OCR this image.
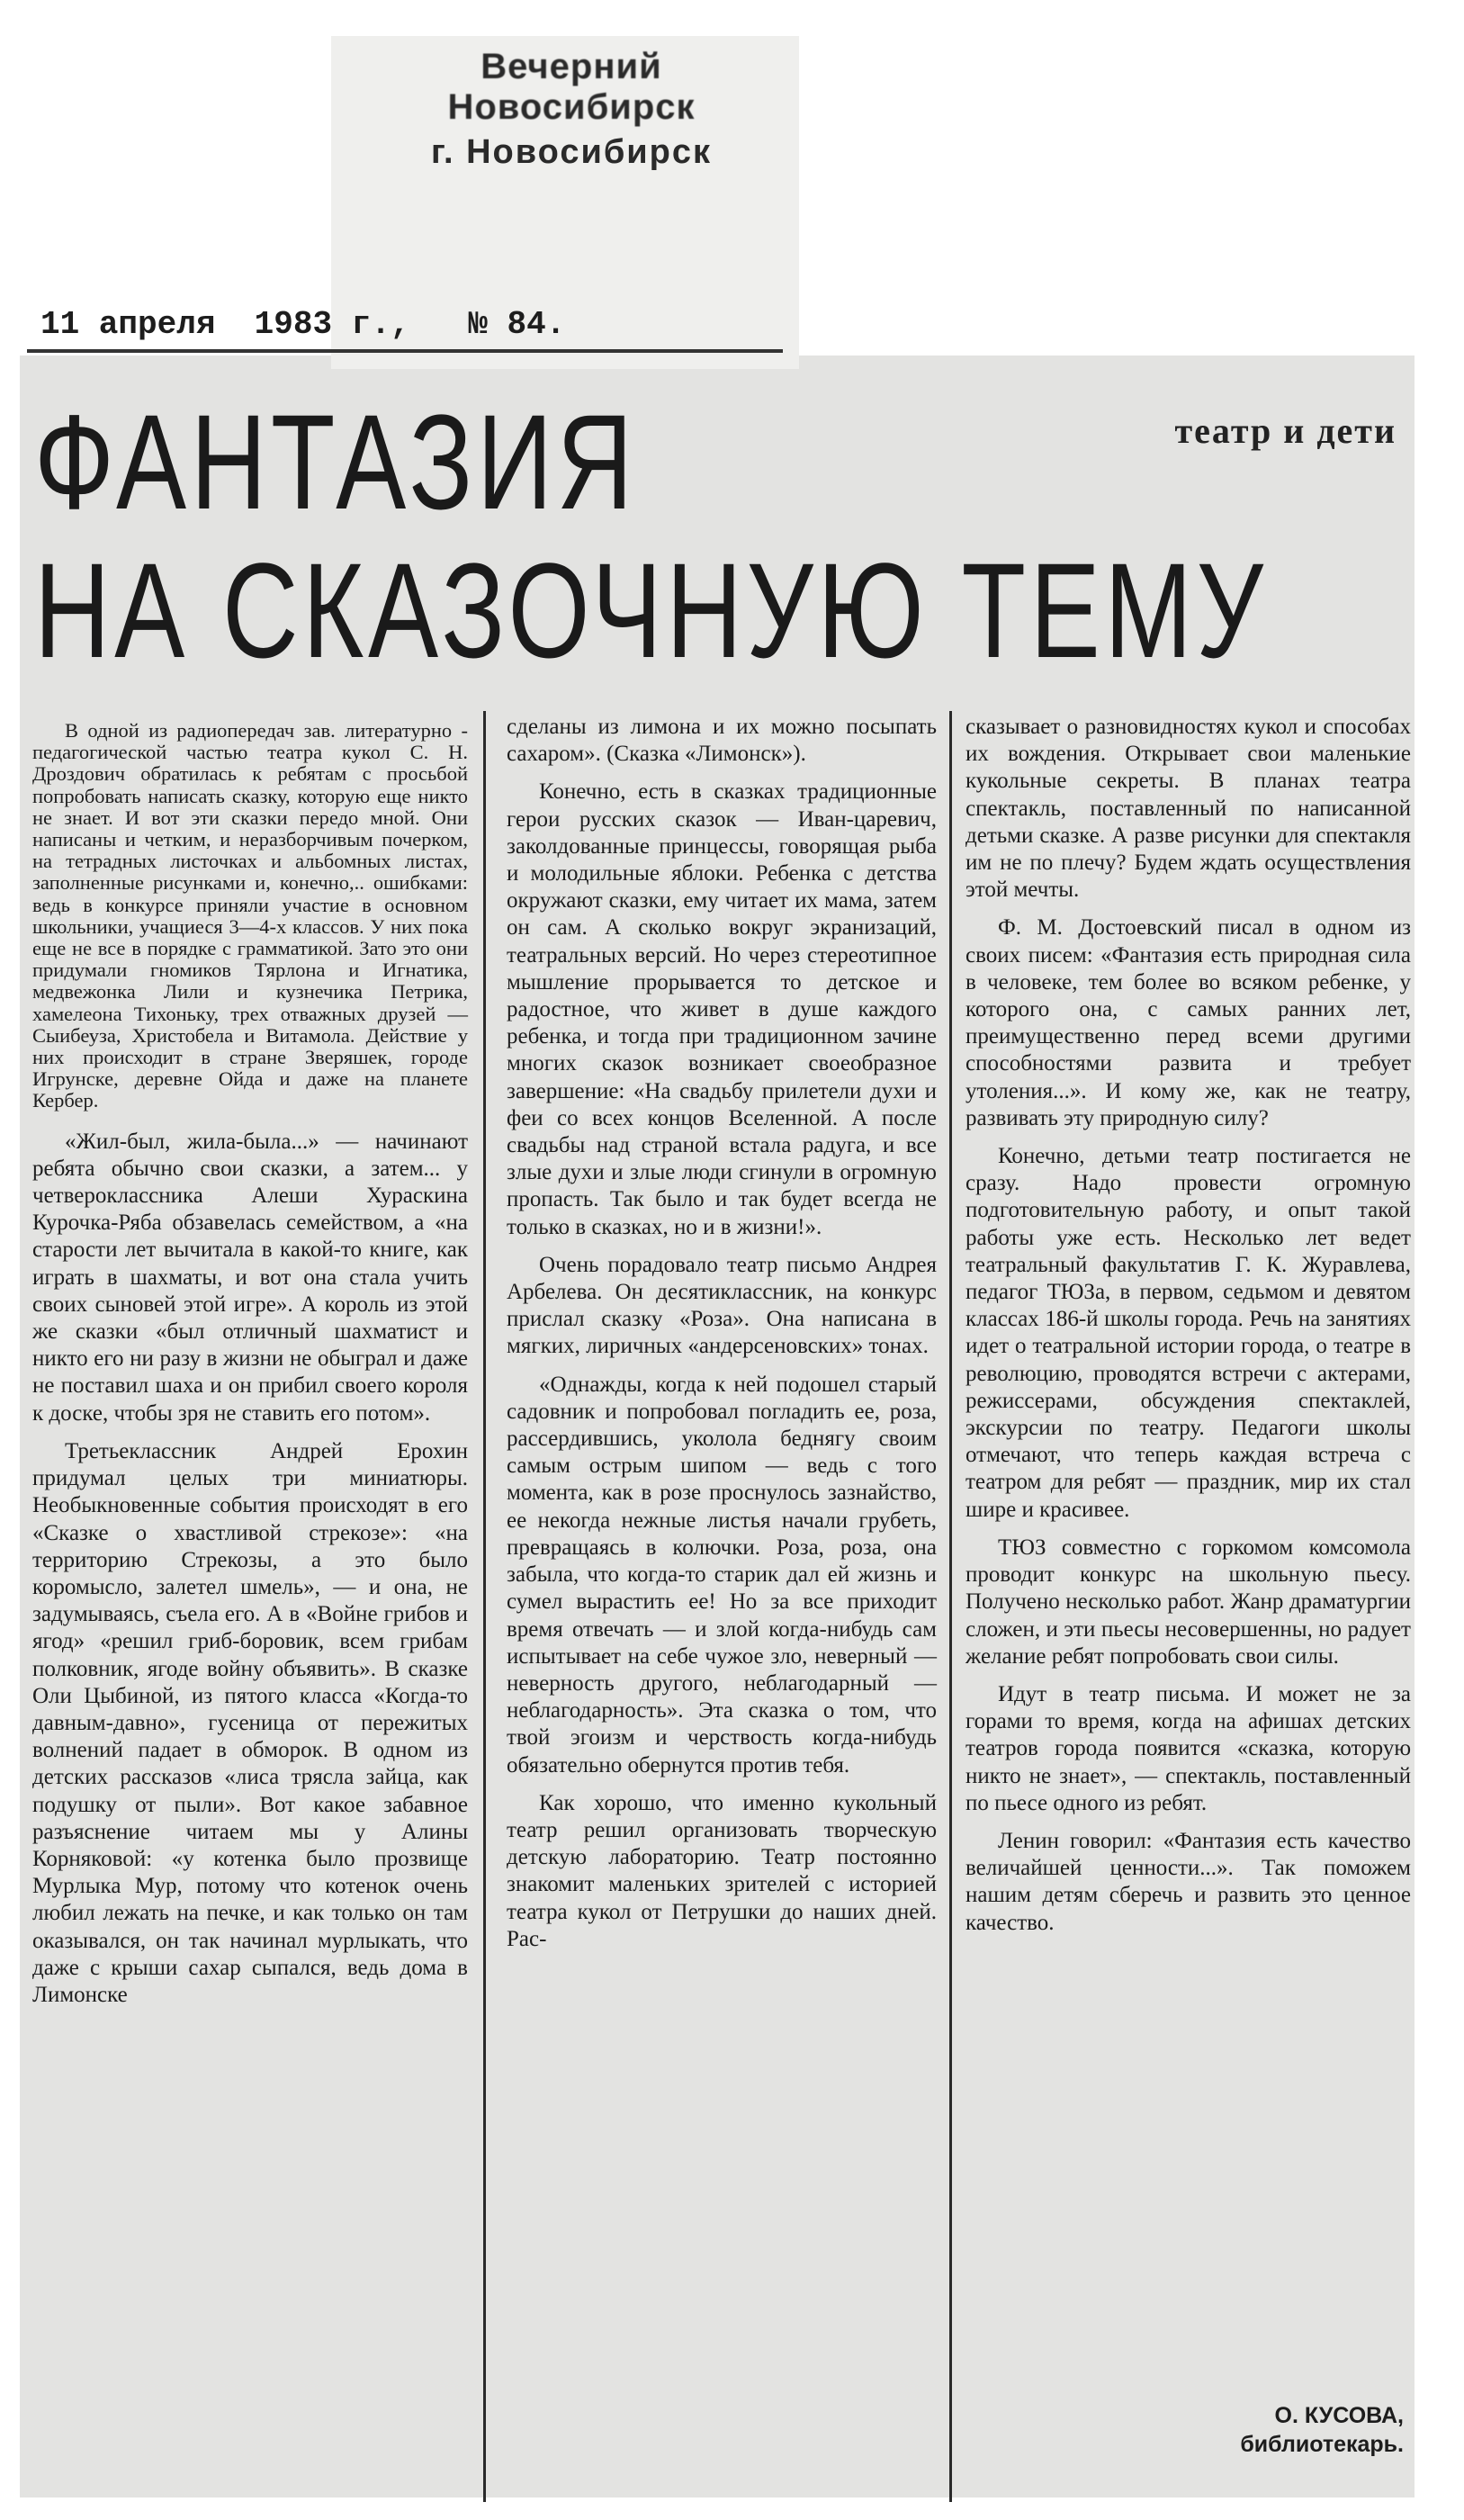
Вечерний Новосибирск
г. Новосибирск
11 апреля  1983 г.,   № 84.
театр и дети
ФАНТАЗИЯ
НА СКАЗОЧНУЮ ТЕМУ

В одной из радиопередач зав. литературно - педагогической частью театра кукол С. Н. Дроздович обратилась к ребятам с просьбой попробовать написать сказку, которую еще никто не знает. И вот эти сказки передо мной. Они написаны и четким, и неразборчивым почерком, на тетрадных листочках и альбомных листах, заполненные рисунками и, конечно,.. ошибками: ведь в конкурсе приняли участие в основном школьники, учащиеся 3—4-х классов. У них пока еще не все в порядке с грамматикой. Зато это они придумали гномиков Тярлона и Игнатика, медвежонка Лили и кузнечика Петрика, хамелеона Тихоньку, трех отважных друзей — Сыибеуза, Христобела и Витамола. Действие у них происходит в стране Зверяшек, городе Игрунске, деревне Ойда и даже на планете Кербер.

«Жил-был, жила-была...» — начинают ребята обычно свои сказки, а затем... у четвероклассника Алеши Хураскина Курочка-Ряба обзавелась семейством, а «на старости лет вычитала в какой-то книге, как играть в шахматы, и вот она стала учить своих сыновей этой игре». А король из этой же сказки «был отличный шахматист и никто его ни разу в жизни не обыграл и даже не поставил шаха и он прибил своего короля к доске, чтобы зря не ставить его потом».

Третьеклассник Андрей Ерохин придумал целых три миниатюры. Необыкновенные события происходят в его «Сказке о хвастливой стрекозе»: «на территорию Стрекозы, а это было коромысло, залетел шмель», — и она, не задумываясь, съела его. А в «Войне грибов и ягод» «решил гриб-боровик, всем грибам полковник, ягоде войну объявить». В сказке Оли Цыбиной, из пятого класса «Когда-то давным-давно», гусеница от пережитых волнений падает в обморок. В одном из детских рассказов «лиса трясла зайца, как подушку от пыли». Вот какое забавное разъяснение читаем мы у Алины Корняковой: «у котенка было прозвище Мурлыка Мур, потому что котенок очень любил лежать на печке, и как только он там оказывался, он так начинал мурлыкать, что даже с крыши сахар сыпался, ведь дома в Лимонске

сделаны из лимона и их можно посыпать сахаром». (Сказка «Лимонск»).

Конечно, есть в сказках традиционные герои русских сказок — Иван-царевич, заколдованные принцессы, говорящая рыба и молодильные яблоки. Ребенка с детства окружают сказки, ему читает их мама, затем он сам. А сколько вокруг экранизаций, театральных версий. Но через стереотипное мышление прорывается то детское и радостное, что живет в душе каждого ребенка, и тогда при традиционном зачине многих сказок возникает своеобразное завершение: «На свадьбу прилетели духи и феи со всех концов Вселенной. А после свадьбы над страной встала радуга, и все злые духи и злые люди сгинули в огромную пропасть. Так было и так будет всегда не только в сказках, но и в жизни!».

Очень порадовало театр письмо Андрея Арбелева. Он десятиклассник, на конкурс прислал сказку «Роза». Она написана в мягких, лиричных «андерсеновских» тонах.

«Однажды, когда к ней подошел старый садовник и попробовал погладить ее, роза, рассердившись, уколола беднягу своим самым острым шипом — ведь с того момента, как в розе проснулось зазнайство, ее некогда нежные листья начали грубеть, превращаясь в колючки. Роза, роза, она забыла, что когда-то старик дал ей жизнь и сумел вырастить ее! Но за все приходит время отвечать — и злой когда-нибудь сам испытывает на себе чужое зло, неверный — неверность другого, неблагодарный — неблагодарность». Эта сказка о том, что твой эгоизм и черствость когда-нибудь обязательно обернутся против тебя.

Как хорошо, что именно кукольный театр решил организовать творческую детскую лабораторию. Театр постоянно знакомит маленьких зрителей с историей театра кукол от Петрушки до наших дней. Рас-

сказывает о разновидностях кукол и способах их вождения. Открывает свои маленькие кукольные секреты. В планах театра спектакль, поставленный по написанной детьми сказке. А разве рисунки для спектакля им не по плечу? Будем ждать осуществления этой мечты.

Ф. М. Достоевский писал в одном из своих писем: «Фантазия есть природная сила в человеке, тем более во всяком ребенке, у которого она, с самых ранних лет, преимущественно перед всеми другими способностями развита и требует утоления...». И кому же, как не театру, развивать эту природную силу?

Конечно, детьми театр постигается не сразу. Надо провести огромную подготовительную работу, и опыт такой работы уже есть. Несколько лет ведет театральный факультатив Г. К. Журавлева, педагог ТЮЗа, в первом, седьмом и девятом классах 186-й школы города. Речь на занятиях идет о театральной истории города, о театре в революцию, проводятся встречи с актерами, режиссерами, обсуждения спектаклей, экскурсии по театру. Педагоги школы отмечают, что теперь каждая встреча с театром для ребят — праздник, мир их стал шире и красивее.

ТЮЗ совместно с горкомом комсомола проводит конкурс на школьную пьесу. Получено несколько работ. Жанр драматургии сложен, и эти пьесы несовершенны, но радует желание ребят попробовать свои силы.

Идут в театр письма. И может не за горами то время, когда на афишах детских театров города появится «сказка, которую никто не знает», — спектакль, поставленный по пьесе одного из ребят.

Ленин говорил: «Фантазия есть качество величайшей ценности...». Так поможем нашим детям сберечь и развить это ценное качество.

О. КУСОВА,
библиотекарь.
